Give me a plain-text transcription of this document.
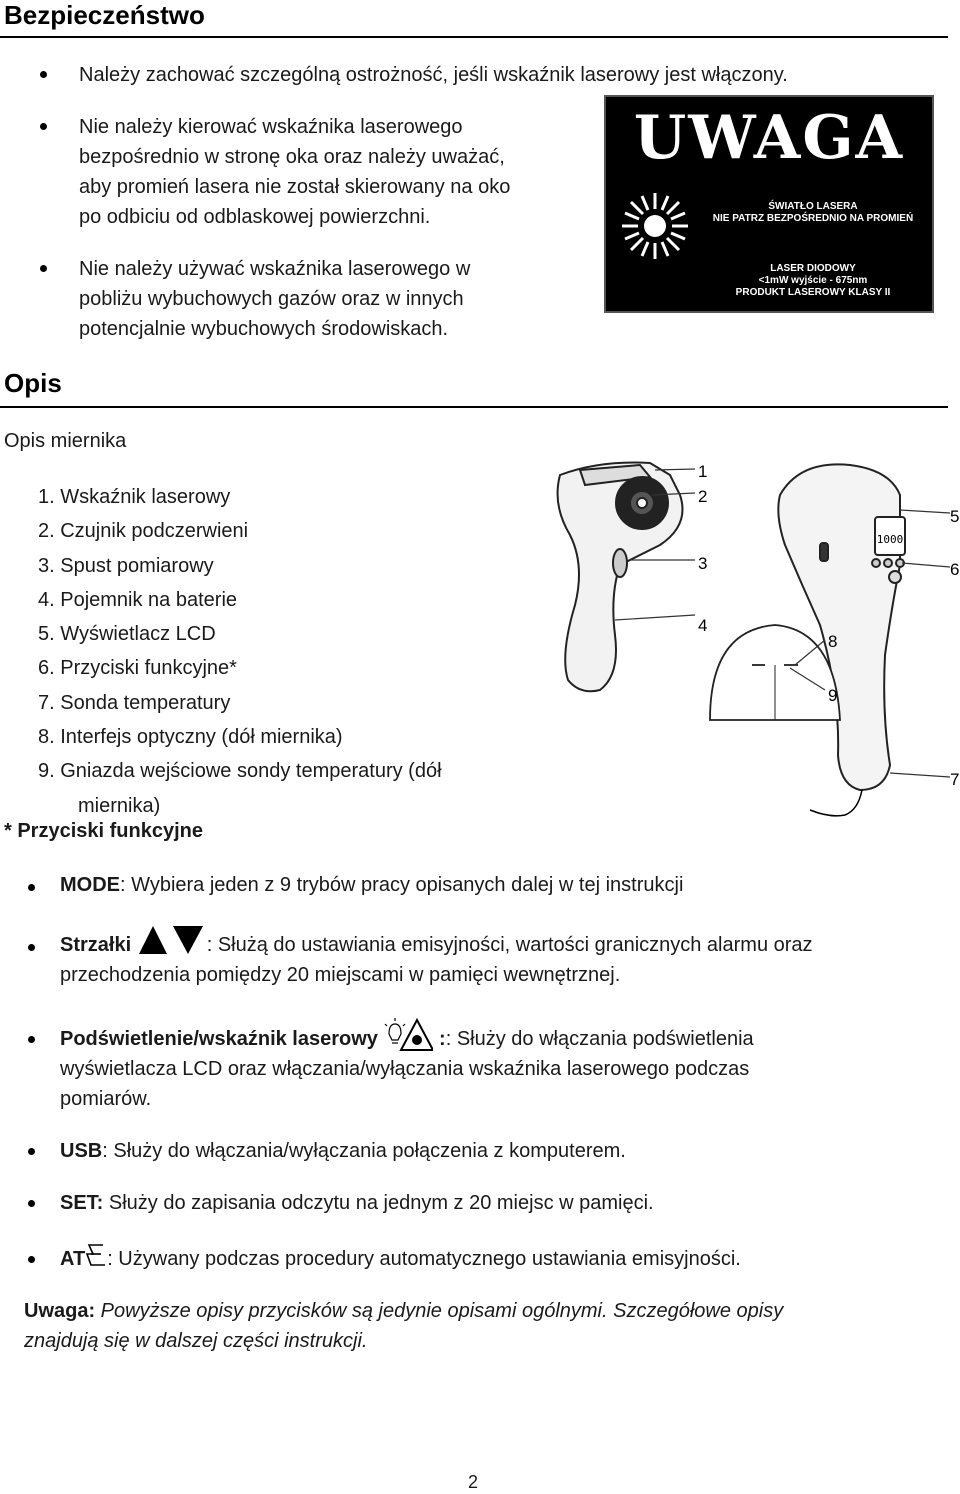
Bezpieczeństwo
Należy zachować szczególną ostrożność, jeśli wskaźnik laserowy jest włączony.
Nie należy kierować wskaźnika laserowego
bezpośrednio w stronę oka oraz należy uważać,
aby promień lasera nie został skierowany na oko
po odbiciu od odblaskowej powierzchni.
Nie należy używać wskaźnika laserowego w
pobliżu wybuchowych gazów oraz w innych
potencjalnie wybuchowych środowiskach.
UWAGA
ŚWIATŁO LASERA
NIE PATRZ BEZPOŚREDNIO NA PROMIEŃ
LASER DIODOWY
<1mW wyjście - 675nm
PRODUKT LASEROWY KLASY II
Opis
Opis miernika
1. Wskaźnik laserowy
2. Czujnik podczerwieni
3. Spust pomiarowy
4. Pojemnik na baterie
5. Wyświetlacz LCD
6. Przyciski funkcyjne*
7. Sonda temperatury
8. Interfejs optyczny (dół miernika)
9. Gniazda wejściowe sondy temperatury (dół
miernika)
* Przyciski funkcyjne
1000
1
2
3
4
5
6
7
8
9
MODE: Wybiera jeden z 9 trybów pracy opisanych dalej w tej instrukcji
Strzałki	: Służą do ustawiania emisyjności, wartości granicznych alarmu oraz
przechodzenia pomiędzy 20 miejscami w pamięci wewnętrznej.
Podświetlenie/wskaźnik laserowy	:: Służy do włączania podświetlenia
wyświetlacza LCD oraz włączania/wyłączania wskaźnika laserowego podczas
pomiarów.
USB: Służy do włączania/wyłączania połączenia z komputerem.
SET: Służy do zapisania odczytu na jednym z 20 miejsc w pamięci.
AT : Używany podczas procedury automatycznego ustawiania emisyjności.
Uwaga: Powyższe opisy przycisków są jedynie opisami ogólnymi. Szczegółowe opisy
znajdują się w dalszej części instrukcji.
2
